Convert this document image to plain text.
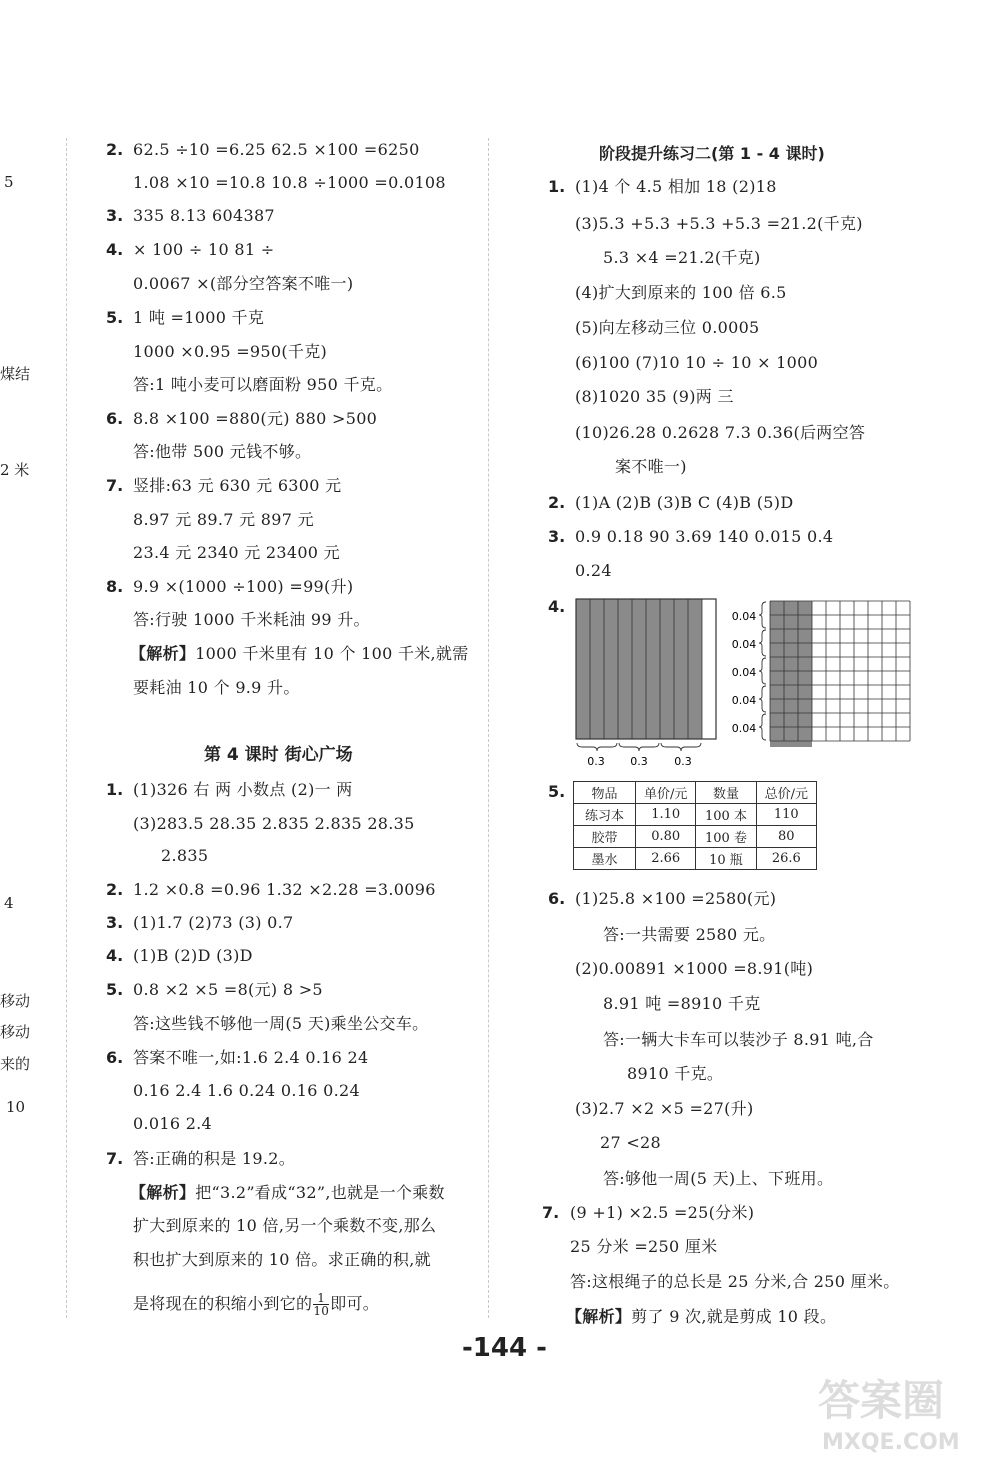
5
煤结
2 米
4
移动
移动
来的
10
2. 62.5 ÷10 =6.25 62.5 ×100 =6250
1.08 ×10 =10.8 10.8 ÷1000 =0.0108
3. 335 8.13 604387
4. × 100 ÷ 10 81 ÷
0.0067 ×(部分空答案不唯一)
5. 1 吨 =1000 千克
1000 ×0.95 =950(千克)
答:1 吨小麦可以磨面粉 950 千克。
6. 8.8 ×100 =880(元) 880 >500
答:他带 500 元钱不够。
7. 竖排:63 元 630 元 6300 元
8.97 元 89.7 元 897 元
23.4 元 2340 元 23400 元
8. 9.9 ×(1000 ÷100) =99(升)
答:行驶 1000 千米耗油 99 升。
【解析】1000 千米里有 10 个 100 千米,就需
要耗油 10 个 9.9 升。
第 4 课时 街心广场
1. (1)326 右 两 小数点 (2)一 两
(3)283.5 28.35 2.835 2.835 28.35
2.835
2. 1.2 ×0.8 =0.96 1.32 ×2.28 =3.0096
3. (1)1.7 (2)73 (3) 0.7
4. (1)B (2)D (3)D
5. 0.8 ×2 ×5 =8(元) 8 >5
答:这些钱不够他一周(5 天)乘坐公交车。
6. 答案不唯一,如:1.6 2.4 0.16 24
0.16 2.4 1.6 0.24 0.16 0.24
0.016 2.4
7. 答:正确的积是 19.2。
【解析】把“3.2”看成“32”,也就是一个乘数
扩大到原来的 10 倍,另一个乘数不变,那么
积也扩大到原来的 10 倍。求正确的积,就
是将现在的积缩小到它的 $\frac{1}{10}$ 即可。
阶段提升练习二(第 1 - 4 课时)
1. (1)4 个 4.5 相加 18 (2)18
(3)5.3 +5.3 +5.3 +5.3 =21.2(千克)
5.3 ×4 =21.2(千克)
(4)扩大到原来的 100 倍 6.5
(5)向左移动三位 0.0005
(6)100 (7)10 10 ÷ 10 × 1000
(8)1020 35 (9)两 三
(10)26.28 0.2628 7.3 0.36(后两空答
案不唯一)
2. (1)A (2)B (3)B C (4)B (5)D
3. 0.9 0.18 90 3.69 140 0.015 0.4
0.24
4.
0.3 0.3 0.3
0.04
0.04
0.04
0.04
0.04
5. 物品	单价/元	数量	总价/元
练习本	1.10	100 本	110
胶带	0.80	100 卷	80
墨水	2.66	10 瓶	26.6
6. (1)25.8 ×100 =2580(元)
答:一共需要 2580 元。
(2)0.00891 ×1000 =8.91(吨)
8.91 吨 =8910 千克
答:一辆大卡车可以装沙子 8.91 吨,合
8910 千克。
(3)2.7 ×2 ×5 =27(升)
27 <28
答:够他一周(5 天)上、下班用。
7. (9 +1) ×2.5 =25(分米)
25 分米 =250 厘米
答:这根绳子的总长是 25 分米,合 250 厘米。
【解析】剪了 9 次,就是剪成 10 段。
-144 -
答案圈
MXQE.COM
